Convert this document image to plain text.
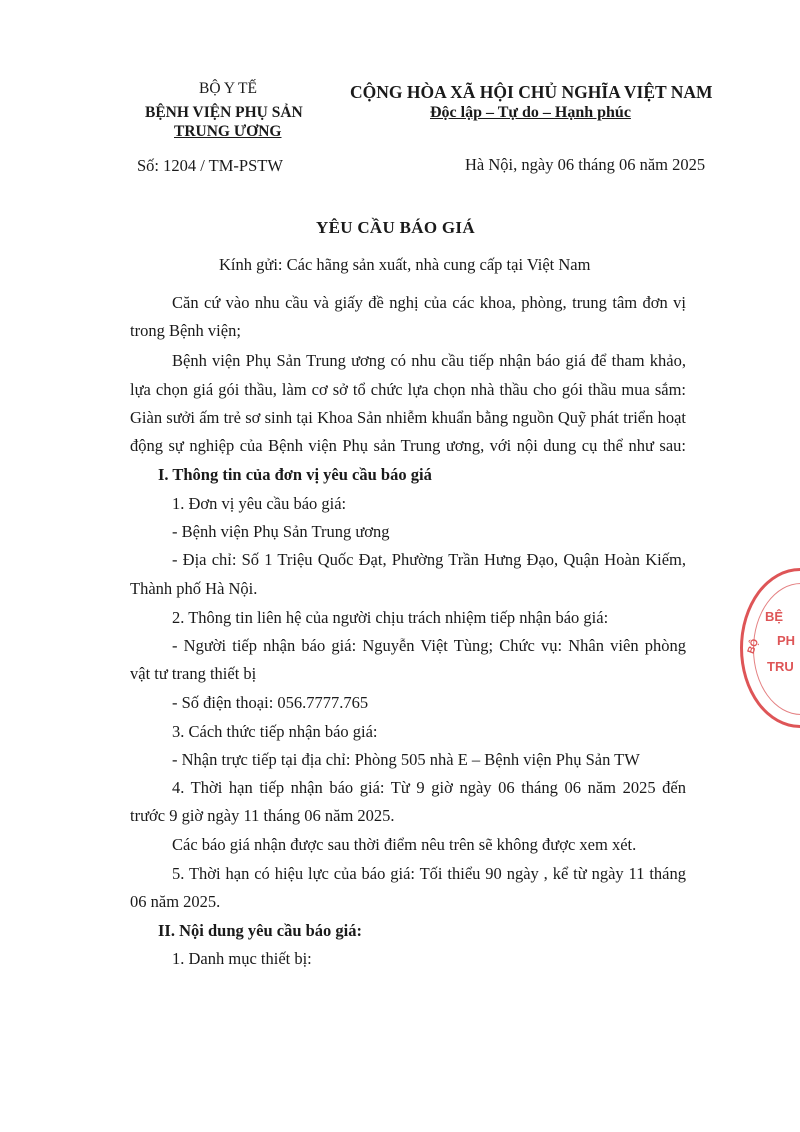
BỘ Y TẾ
BỆNH VIỆN PHỤ SẢN
TRUNG ƯƠNG
CỘNG HÒA XÃ HỘI CHỦ NGHĨA VIỆT NAM
Độc lập – Tự do – Hạnh phúc
Số: 1204 / TM-PSTW	Hà Nội, ngày 06 tháng 06 năm 2025
YÊU CẦU BÁO GIÁ
Kính gửi: Các hãng sản xuất, nhà cung cấp tại Việt Nam
Căn cứ vào nhu cầu và giấy đề nghị của các khoa, phòng, trung tâm đơn vị
trong Bệnh viện;
Bệnh viện Phụ Sản Trung ương có nhu cầu tiếp nhận báo giá để tham khảo,
lựa chọn giá gói thầu, làm cơ sở tổ chức lựa chọn nhà thầu cho gói thầu mua sắm:
Giàn sưởi ấm trẻ sơ sinh tại Khoa Sản nhiễm khuẩn bằng nguồn Quỹ phát triển hoạt
động sự nghiệp của Bệnh viện Phụ sản Trung ương, với nội dung cụ thể như sau:
I. Thông tin của đơn vị yêu cầu báo giá
1. Đơn vị yêu cầu báo giá:
- Bệnh viện Phụ Sản Trung ương
- Địa chỉ: Số 1 Triệu Quốc Đạt, Phường Trần Hưng Đạo, Quận Hoàn Kiếm,
Thành phố Hà Nội.
2. Thông tin liên hệ của người chịu trách nhiệm tiếp nhận báo giá:
- Người tiếp nhận báo giá: Nguyễn Việt Tùng; Chức vụ: Nhân viên phòng
vật tư trang thiết bị
- Số điện thoại: 056.7777.765
3. Cách thức tiếp nhận báo giá:
- Nhận trực tiếp tại địa chỉ: Phòng 505 nhà E – Bệnh viện Phụ Sản TW
4. Thời hạn tiếp nhận báo giá: Từ 9 giờ ngày 06 tháng 06 năm 2025 đến
trước 9 giờ ngày 11 tháng 06 năm 2025.
Các báo giá nhận được sau thời điểm nêu trên sẽ không được xem xét.
5. Thời hạn có hiệu lực của báo giá: Tối thiểu 90 ngày , kể từ ngày 11 tháng
06 năm 2025.
II. Nội dung yêu cầu báo giá:
1. Danh mục thiết bị:
BỆ
PH
TRU
BỘ
